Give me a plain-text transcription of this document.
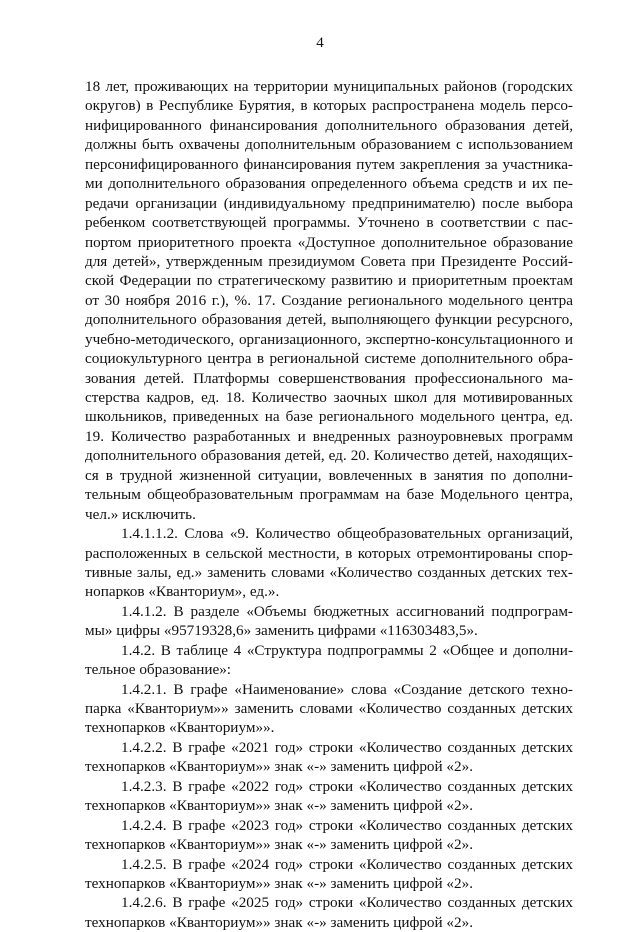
4
18 лет, проживающих на территории муниципальных районов (городских
округов) в Республике Бурятия, в которых распространена модель персо-
нифицированного финансирования дополнительного образования детей,
должны быть охвачены дополнительным образованием с использованием
персонифицированного финансирования путем закрепления за участника-
ми дополнительного образования определенного объема средств и их пе-
редачи организации (индивидуальному предпринимателю) после выбора
ребенком соответствующей программы. Уточнено в соответствии с пас-
портом приоритетного проекта «Доступное дополнительное образование
для детей», утвержденным президиумом Совета при Президенте Россий-
ской Федерации по стратегическому развитию и приоритетным проектам
от 30 ноября 2016 г.), %. 17. Создание регионального модельного центра
дополнительного образования детей, выполняющего функции ресурсного,
учебно-методического, организационного, экспертно-консультационного и
социокультурного центра в региональной системе дополнительного обра-
зования детей. Платформы совершенствования профессионального ма-
стерства кадров, ед. 18. Количество заочных школ для мотивированных
школьников, приведенных на базе регионального модельного центра, ед.
19. Количество разработанных и внедренных разноуровневых программ
дополнительного образования детей, ед. 20. Количество детей, находящих-
ся в трудной жизненной ситуации, вовлеченных в занятия по дополни-
тельным общеобразовательным программам на базе Модельного центра,
чел.» исключить.
1.4.1.1.2. Слова «9. Количество общеобразовательных организаций,
расположенных в сельской местности, в которых отремонтированы спор-
тивные залы, ед.» заменить словами «Количество созданных детских тех-
нопарков «Кванториум», ед.».
1.4.1.2. В разделе «Объемы бюджетных ассигнований подпрограм-
мы» цифры «95719328,6» заменить цифрами «116303483,5».
1.4.2. В таблице 4 «Структура подпрограммы 2 «Общее и дополни-
тельное образование»:
1.4.2.1. В графе «Наименование» слова «Создание детского техно-
парка «Кванториум»» заменить словами «Количество созданных детских
технопарков «Кванториум»».
1.4.2.2. В графе «2021 год» строки «Количество созданных детских
технопарков «Кванториум»» знак «-» заменить цифрой «2».
1.4.2.3. В графе «2022 год» строки «Количество созданных детских
технопарков «Кванториум»» знак «-» заменить цифрой «2».
1.4.2.4. В графе «2023 год» строки «Количество созданных детских
технопарков «Кванториум»» знак «-» заменить цифрой «2».
1.4.2.5. В графе «2024 год» строки «Количество созданных детских
технопарков «Кванториум»» знак «-» заменить цифрой «2».
1.4.2.6. В графе «2025 год» строки «Количество созданных детских
технопарков «Кванториум»» знак «-» заменить цифрой «2».
